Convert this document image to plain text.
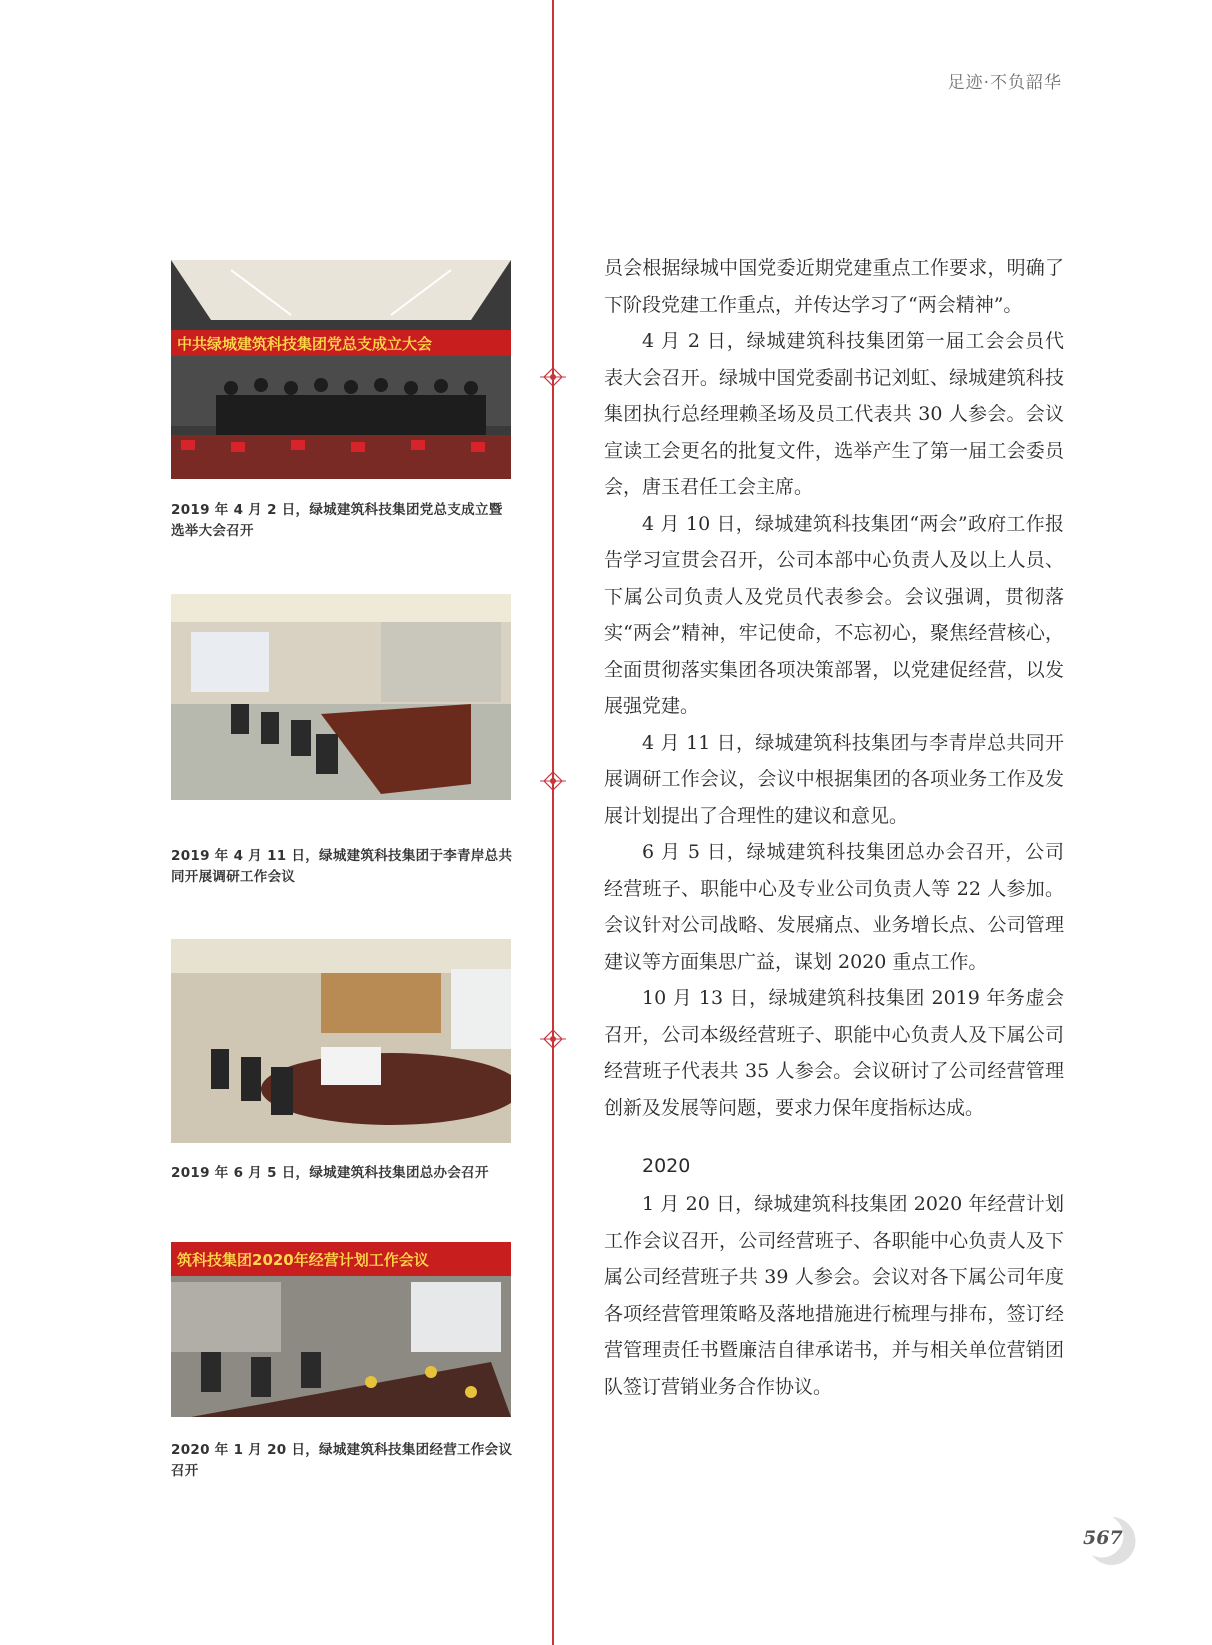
足迹·不负韶华
中共绿城建筑科技集团党总支成立大会
2019 年 4 月 2 日，绿城建筑科技集团党总支成立暨选举大会召开
2019 年 4 月 11 日，绿城建筑科技集团于李青岸总共同开展调研工作会议
2019 年 6 月 5 日，绿城建筑科技集团总办会召开
筑科技集团2020年经营计划工作会议
2020 年 1 月 20 日，绿城建筑科技集团经营工作会议召开

员会根据绿城中国党委近期党建重点工作要求，明确了下阶段党建工作重点，并传达学习了“两会精神”。

4 月 2 日，绿城建筑科技集团第一届工会会员代表大会召开。绿城中国党委副书记刘虹、绿城建筑科技集团执行总经理赖圣场及员工代表共 30 人参会。会议宣读工会更名的批复文件，选举产生了第一届工会委员会，唐玉君任工会主席。

4 月 10 日，绿城建筑科技集团“两会”政府工作报告学习宣贯会召开，公司本部中心负责人及以上人员、下属公司负责人及党员代表参会。会议强调，贯彻落实“两会”精神，牢记使命，不忘初心，聚焦经营核心，全面贯彻落实集团各项决策部署，以党建促经营，以发展强党建。

4 月 11 日，绿城建筑科技集团与李青岸总共同开展调研工作会议，会议中根据集团的各项业务工作及发展计划提出了合理性的建议和意见。

6 月 5 日，绿城建筑科技集团总办会召开，公司经营班子、职能中心及专业公司负责人等 22 人参加。会议针对公司战略、发展痛点、业务增长点、公司管理建议等方面集思广益，谋划 2020 重点工作。

10 月 13 日，绿城建筑科技集团 2019 年务虚会召开，公司本级经营班子、职能中心负责人及下属公司经营班子代表共 35 人参会。会议研讨了公司经营管理创新及发展等问题，要求力保年度指标达成。

2020

1 月 20 日，绿城建筑科技集团 2020 年经营计划工作会议召开，公司经营班子、各职能中心负责人及下属公司经营班子共 39 人参会。会议对各下属公司年度各项经营管理策略及落地措施进行梳理与排布，签订经营管理责任书暨廉洁自律承诺书，并与相关单位营销团队签订营销业务合作协议。

567
